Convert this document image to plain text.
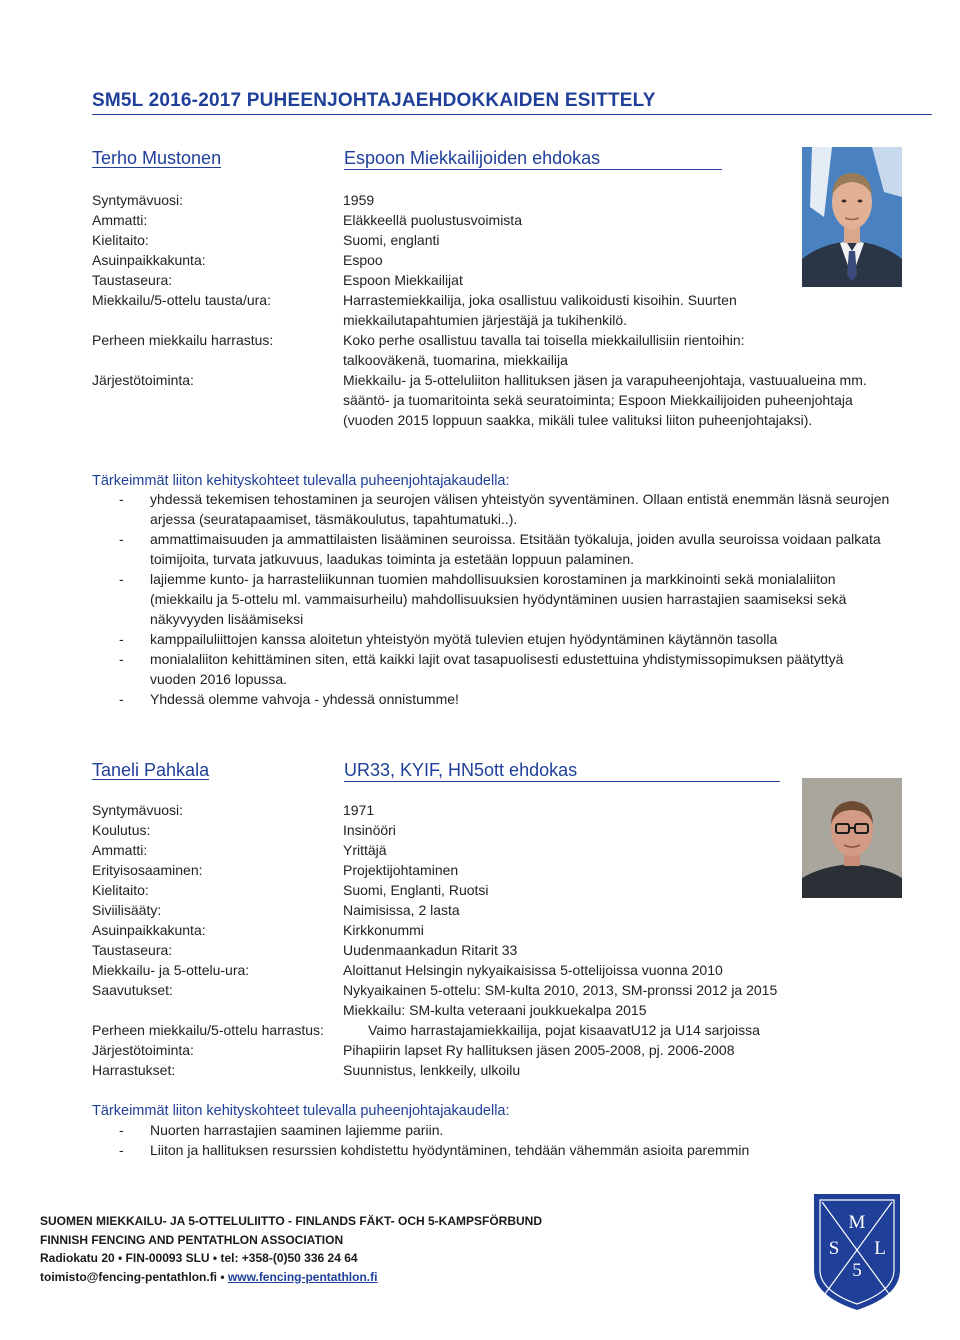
SM5L 2016-2017 PUHEENJOHTAJAEHDOKKAIDEN ESITTELY
Terho Mustonen	Espoon Miekkailijoiden ehdokas
Syntymävuosi:	1959
Ammatti:	Eläkkeellä puolustusvoimista
Kielitaito:	Suomi, englanti
Asuinpaikkakunta:	Espoo
Taustaseura:	Espoon Miekkailijat
Miekkailu/5-ottelu tausta/ura:	Harrastemiekkailija, joka osallistuu valikoidusti kisoihin. Suurten miekkailutapahtumien järjestäjä ja tukihenkilö.
Perheen miekkailu harrastus:	Koko perhe osallistuu tavalla tai toisella miekkailullisiin rientoihin: talkooväkenä, tuomarina, miekkailija
Järjestötoiminta:	Miekkailu- ja 5-otteluliiton hallituksen jäsen ja varapuheenjohtaja, vastuualueina mm. sääntö- ja tuomaritointa sekä seuratoiminta; Espoon Miekkailijoiden puheenjohtaja (vuoden 2015 loppuun saakka, mikäli tulee valituksi liiton puheenjohtajaksi).
Tärkeimmät liiton kehityskohteet tulevalla puheenjohtajakaudella:
- yhdessä tekemisen tehostaminen ja seurojen välisen yhteistyön syventäminen. Ollaan entistä enemmän läsnä seurojen arjessa (seuratapaamiset, täsmäkoulutus, tapahtumatuki..).
- ammattimaisuuden ja ammattilaisten lisääminen seuroissa. Etsitään työkaluja, joiden avulla seuroissa voidaan palkata toimijoita, turvata jatkuvuus, laadukas toiminta ja estetään loppuun palaminen.
- lajiemme kunto- ja harrasteliikunnan tuomien mahdollisuuksien korostaminen ja markkinointi sekä monialaliiton (miekkailu ja 5-ottelu ml. vammaisurheilu) mahdollisuuksien hyödyntäminen uusien harrastajien saamiseksi sekä näkyvyyden lisäämiseksi
- kamppailuliittojen kanssa aloitetun yhteistyön myötä tulevien etujen hyödyntäminen käytännön tasolla
- monialaliiton kehittäminen siten, että kaikki lajit ovat tasapuolisesti edustettuina yhdistymissopimuksen päätyttyä vuoden 2016 lopussa.
- Yhdessä olemme vahvoja - yhdessä onnistumme!
Taneli Pahkala	UR33, KYIF, HN5ott ehdokas
Syntymävuosi:	1971
Koulutus:	Insinööri
Ammatti:	Yrittäjä
Erityisosaaminen:	Projektijohtaminen
Kielitaito:	Suomi, Englanti, Ruotsi
Siviilisääty:	Naimisissa, 2 lasta
Asuinpaikkakunta:	Kirkkonummi
Taustaseura:	Uudenmaankadun Ritarit 33
Miekkailu- ja 5-ottelu-ura:	Aloittanut Helsingin nykyaikaisissa 5-ottelijoissa vuonna 2010
Saavutukset:	Nykyaikainen 5-ottelu: SM-kulta 2010, 2013, SM-pronssi 2012 ja 2015
Miekkailu: SM-kulta veteraani joukkuekalpa 2015
Perheen miekkailu/5-ottelu harrastus:	Vaimo harrastajamiekkailija, pojat kisaavatU12 ja U14 sarjoissa
Järjestötoiminta:	Pihapiirin lapset Ry hallituksen jäsen 2005-2008, pj. 2006-2008
Harrastukset:	Suunnistus, lenkkeily, ulkoilu
Tärkeimmät liiton kehityskohteet tulevalla puheenjohtajakaudella:
- Nuorten harrastajien saaminen lajiemme pariin.
- Liiton ja hallituksen resurssien kohdistettu hyödyntäminen, tehdään vähemmän asioita paremmin
SUOMEN MIEKKAILU- JA 5-OTTELULIITTO - FINLANDS FÄKT- OCH 5-KAMPSFÖRBUND
FINNISH FENCING AND PENTATHLON ASSOCIATION
Radiokatu 20 • FIN-00093 SLU • tel: +358-(0)50 336 24 64
toimisto@fencing-pentathlon.fi • www.fencing-pentathlon.fi
M
S L
5
